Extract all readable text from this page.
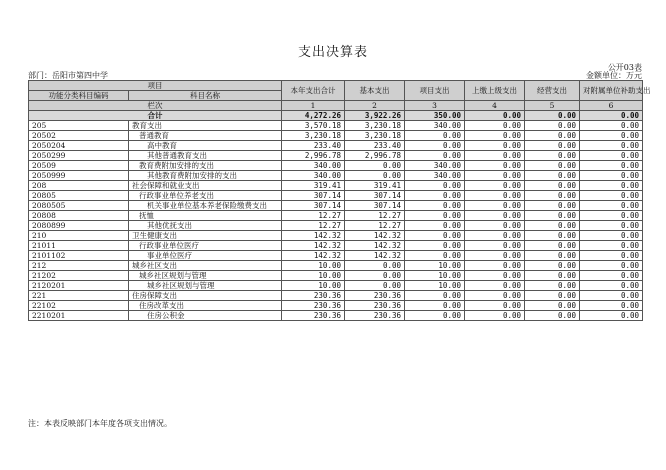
支出决算表
公开03表
部门：岳阳市第四中学	金额单位：万元
项目		本年支出合计	基本支出	项目支出	上缴上级支出	经营支出	对附属单位补助支出
功能分类科目编码	科目名称						
栏次		1	2	3	4	5	6
合计		4,272.26	3,922.26	350.00	0.00	0.00	0.00
205	教育支出	3,570.18	3,230.18	340.00	0.00	0.00	0.00
20502	普通教育	3,230.18	3,230.18	0.00	0.00	0.00	0.00
2050204	高中教育	233.40	233.40	0.00	0.00	0.00	0.00
2050299	其他普通教育支出	2,996.78	2,996.78	0.00	0.00	0.00	0.00
20509	教育费附加安排的支出	340.00	0.00	340.00	0.00	0.00	0.00
2050999	其他教育费附加安排的支出	340.00	0.00	340.00	0.00	0.00	0.00
208	社会保障和就业支出	319.41	319.41	0.00	0.00	0.00	0.00
20805	行政事业单位养老支出	307.14	307.14	0.00	0.00	0.00	0.00
2080505	机关事业单位基本养老保险缴费支出	307.14	307.14	0.00	0.00	0.00	0.00
20808	抚恤	12.27	12.27	0.00	0.00	0.00	0.00
2080899	其他优抚支出	12.27	12.27	0.00	0.00	0.00	0.00
210	卫生健康支出	142.32	142.32	0.00	0.00	0.00	0.00
21011	行政事业单位医疗	142.32	142.32	0.00	0.00	0.00	0.00
2101102	事业单位医疗	142.32	142.32	0.00	0.00	0.00	0.00
212	城乡社区支出	10.00	0.00	10.00	0.00	0.00	0.00
21202	城乡社区规划与管理	10.00	0.00	10.00	0.00	0.00	0.00
2120201	城乡社区规划与管理	10.00	0.00	10.00	0.00	0.00	0.00
221	住房保障支出	230.36	230.36	0.00	0.00	0.00	0.00
22102	住房改革支出	230.36	230.36	0.00	0.00	0.00	0.00
2210201	住房公积金	230.36	230.36	0.00	0.00	0.00	0.00
注：本表反映部门本年度各项支出情况。
